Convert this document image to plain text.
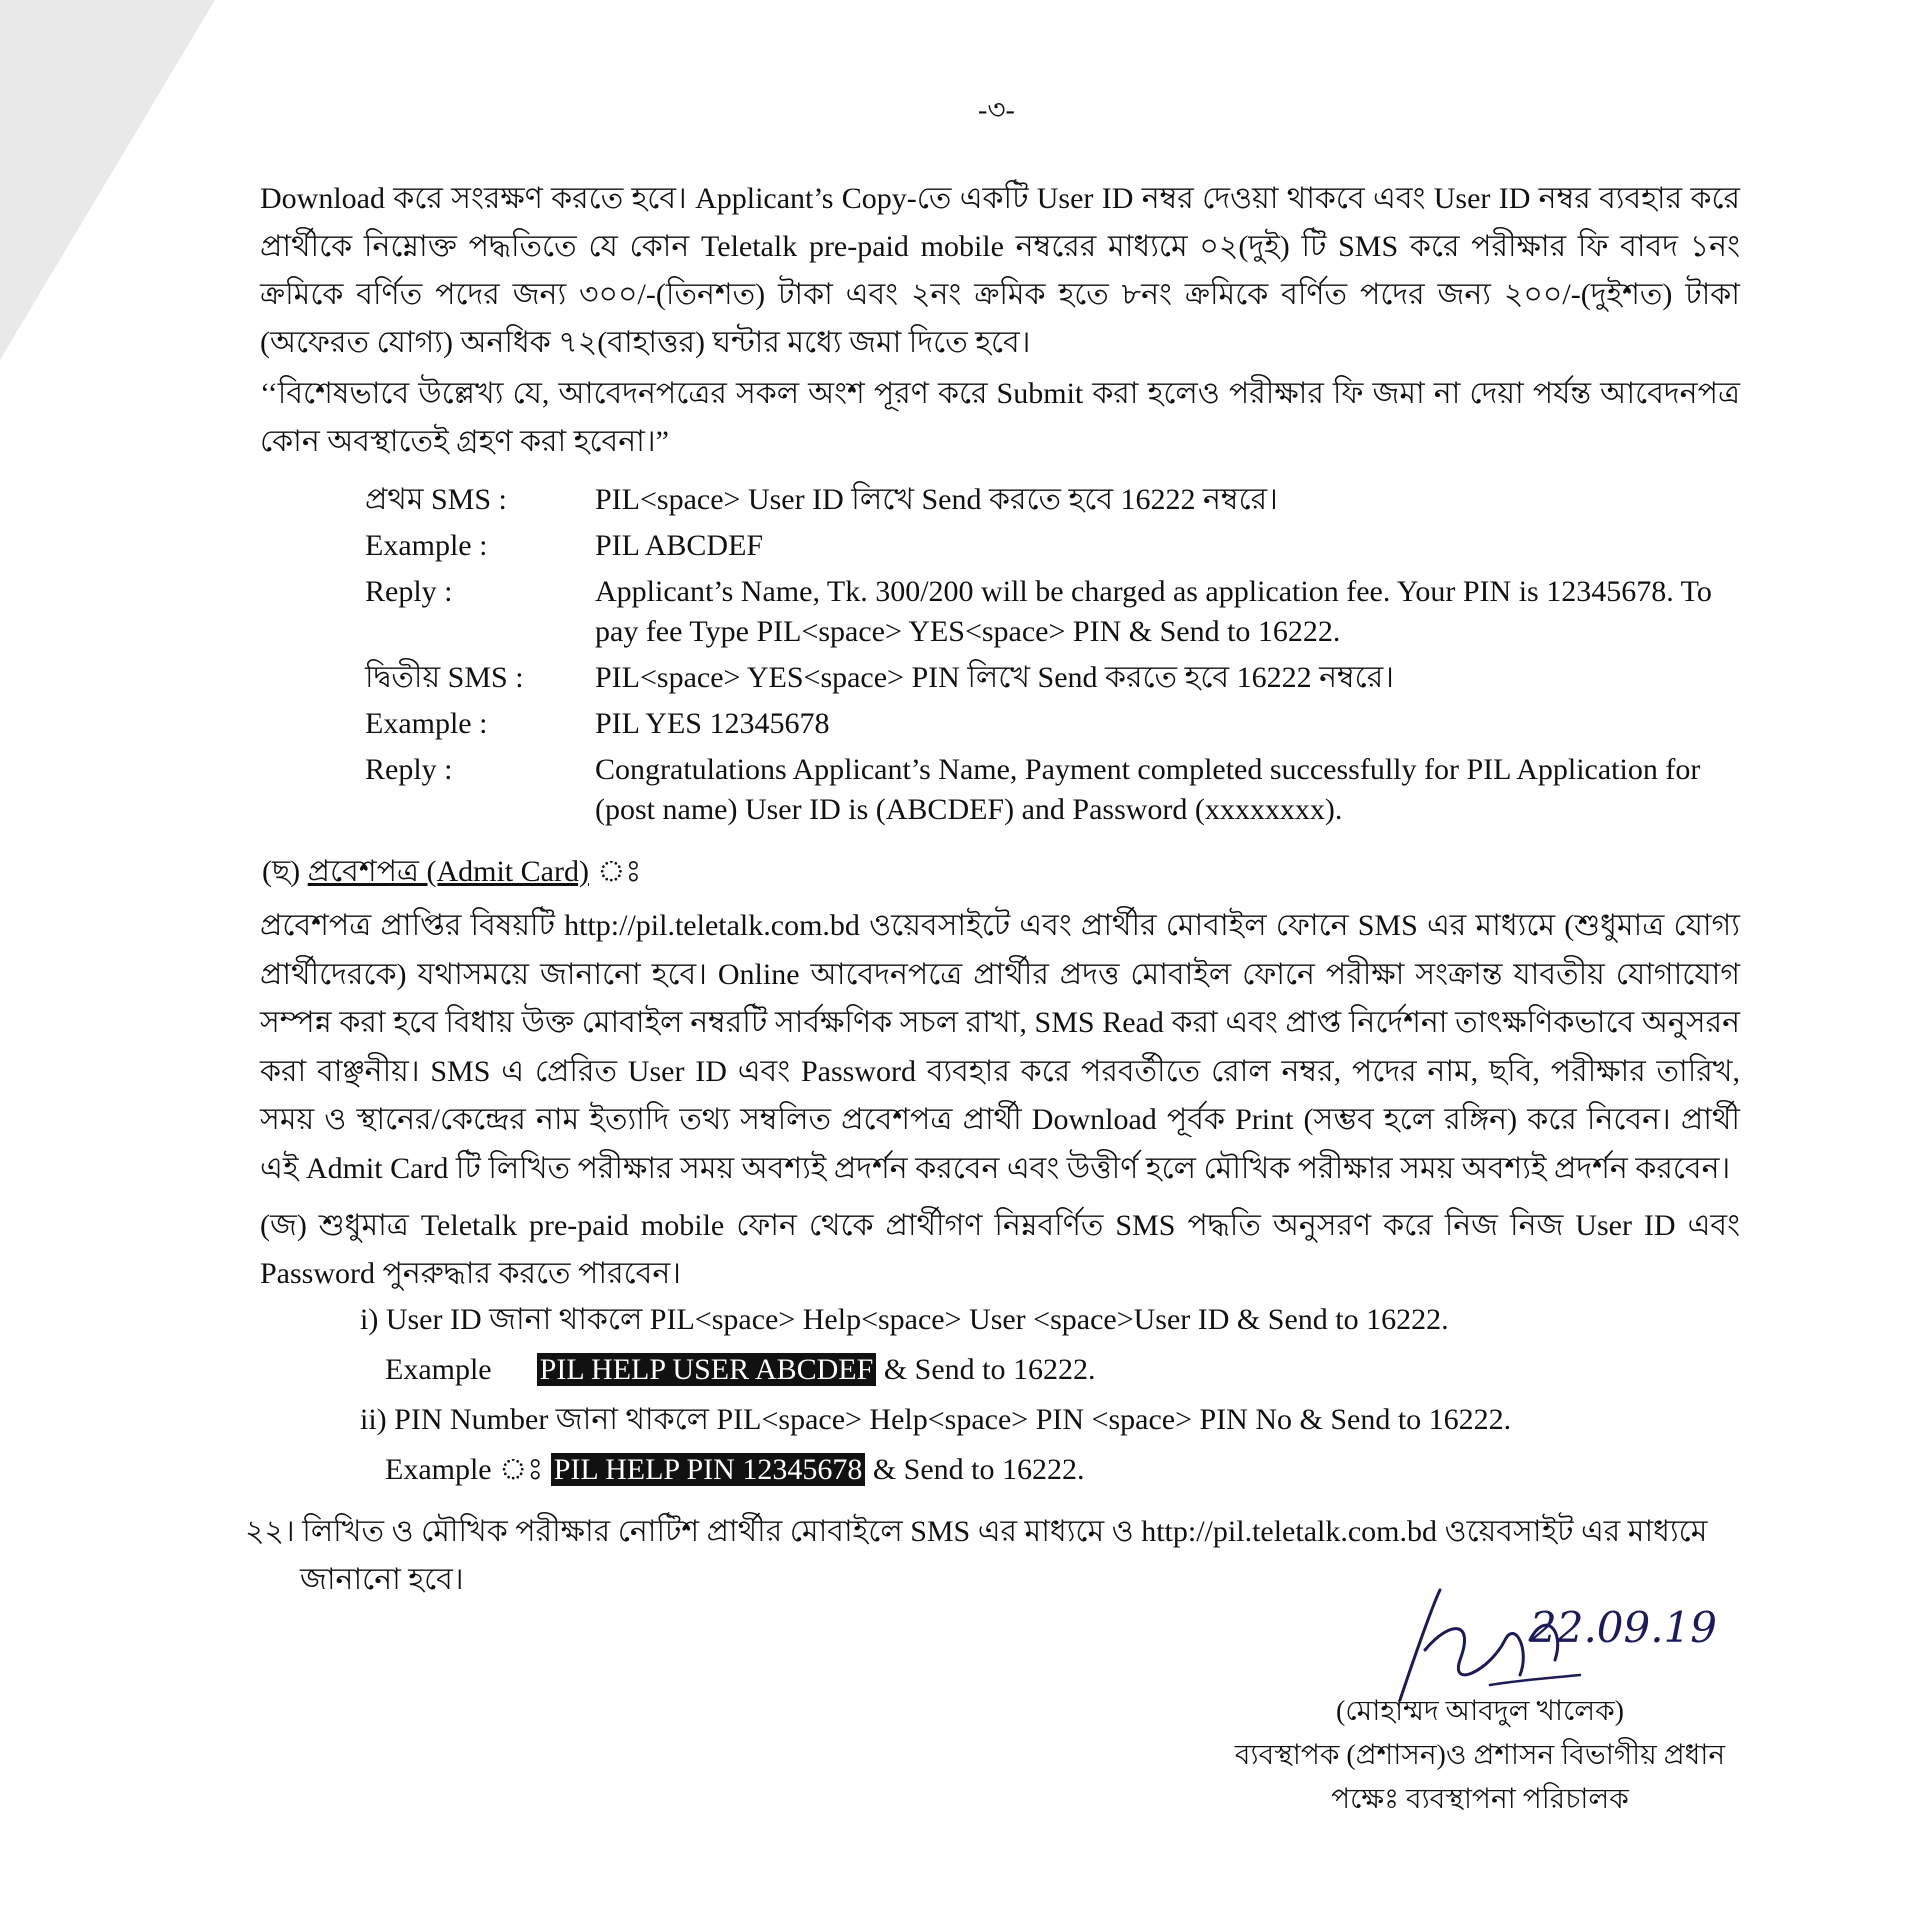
-৩-
Download করে সংরক্ষণ করতে হবে। Applicant’s Copy-তে একটি User ID নম্বর দেওয়া থাকবে এবং User ID নম্বর ব্যবহার করে প্রার্থীকে নিম্নোক্ত পদ্ধতিতে যে কোন Teletalk pre-paid mobile নম্বরের মাধ্যমে ০২(দুই) টি SMS করে পরীক্ষার ফি বাবদ ১নং ক্রমিকে বর্ণিত পদের জন্য ৩০০/-(তিনশত) টাকা এবং ২নং ক্রমিক হতে ৮নং ক্রমিকে বর্ণিত পদের জন্য ২০০/-(দুইশত) টাকা (অফেরত যোগ্য) অনধিক ৭২(বাহাত্তর) ঘন্টার মধ্যে জমা দিতে হবে।
‘‘বিশেষভাবে উল্লেখ্য যে, আবেদনপত্রের সকল অংশ পূরণ করে Submit করা হলেও পরীক্ষার ফি জমা না দেয়া পর্যন্ত আবেদনপত্র কোন অবস্থাতেই গ্রহণ করা হবেনা।”
প্রথম SMS :	PIL<space> User ID লিখে Send করতে হবে 16222 নম্বরে।
Example :	PIL ABCDEF
Reply :	Applicant’s Name, Tk. 300/200 will be charged as application fee. Your PIN is 12345678. To pay fee Type PIL<space> YES<space> PIN & Send to 16222.
দ্বিতীয় SMS :	PIL<space> YES<space> PIN লিখে Send করতে হবে 16222 নম্বরে।
Example :	PIL YES 12345678
Reply :	Congratulations Applicant’s Name, Payment completed successfully for PIL Application for (post name) User ID is (ABCDEF) and Password (xxxxxxxx).
(ছ) প্রবেশপত্র (Admit Card)
প্রবেশপত্র প্রাপ্তির বিষয়টি http://pil.teletalk.com.bd ওয়েবসাইটে এবং প্রার্থীর মোবাইল ফোনে SMS এর মাধ্যমে (শুধুমাত্র যোগ্য প্রার্থীদেরকে) যথাসময়ে জানানো হবে। Online আবেদনপত্রে প্রার্থীর প্রদত্ত মোবাইল ফোনে পরীক্ষা সংক্রান্ত যাবতীয় যোগাযোগ সম্পন্ন করা হবে বিধায় উক্ত মোবাইল নম্বরটি সার্বক্ষণিক সচল রাখা, SMS Read করা এবং প্রাপ্ত নির্দেশনা তাৎক্ষণিকভাবে অনুসরন করা বাঞ্ছনীয়। SMS এ প্রেরিত User ID এবং Password ব্যবহার করে পরবর্তীতে রোল নম্বর, পদের নাম, ছবি, পরীক্ষার তারিখ, সময় ও স্থানের/কেন্দ্রের নাম ইত্যাদি তথ্য সম্বলিত প্রবেশপত্র প্রার্থী Download পূর্বক Print (সম্ভব হলে রঙ্গিন) করে নিবেন। প্রার্থী এই Admit Card টি লিখিত পরীক্ষার সময় অবশ্যই প্রদর্শন করবেন এবং উত্তীর্ণ হলে মৌখিক পরীক্ষার সময় অবশ্যই প্রদর্শন করবেন।
(জ) শুধুমাত্র Teletalk pre-paid mobile ফোন থেকে প্রার্থীগণ নিম্নবর্ণিত SMS পদ্ধতি অনুসরণ করে নিজ নিজ User ID এবং Password পুনরুদ্ধার করতে পারবেন।
i) User ID জানা থাকলে PIL<space> Help<space> User <space>User ID & Send to 16222.
Example PIL HELP USER ABCDEF & Send to 16222.
ii) PIN Number জানা থাকলে PIL<space> Help<space> PIN <space> PIN No & Send to 16222.
Example ঃ PIL HELP PIN 12345678 & Send to 16222.
২২। লিখিত ও মৌখিক পরীক্ষার নোটিশ প্রার্থীর মোবাইলে SMS এর মাধ্যমে ও http://pil.teletalk.com.bd ওয়েবসাইট এর মাধ্যমে
জানানো হবে।
22.09.19
(মোহাম্মদ আবদুল খালেক)
ব্যবস্থাপক (প্রশাসন)ও প্রশাসন বিভাগীয় প্রধান
পক্ষেঃ ব্যবস্থাপনা পরিচালক
